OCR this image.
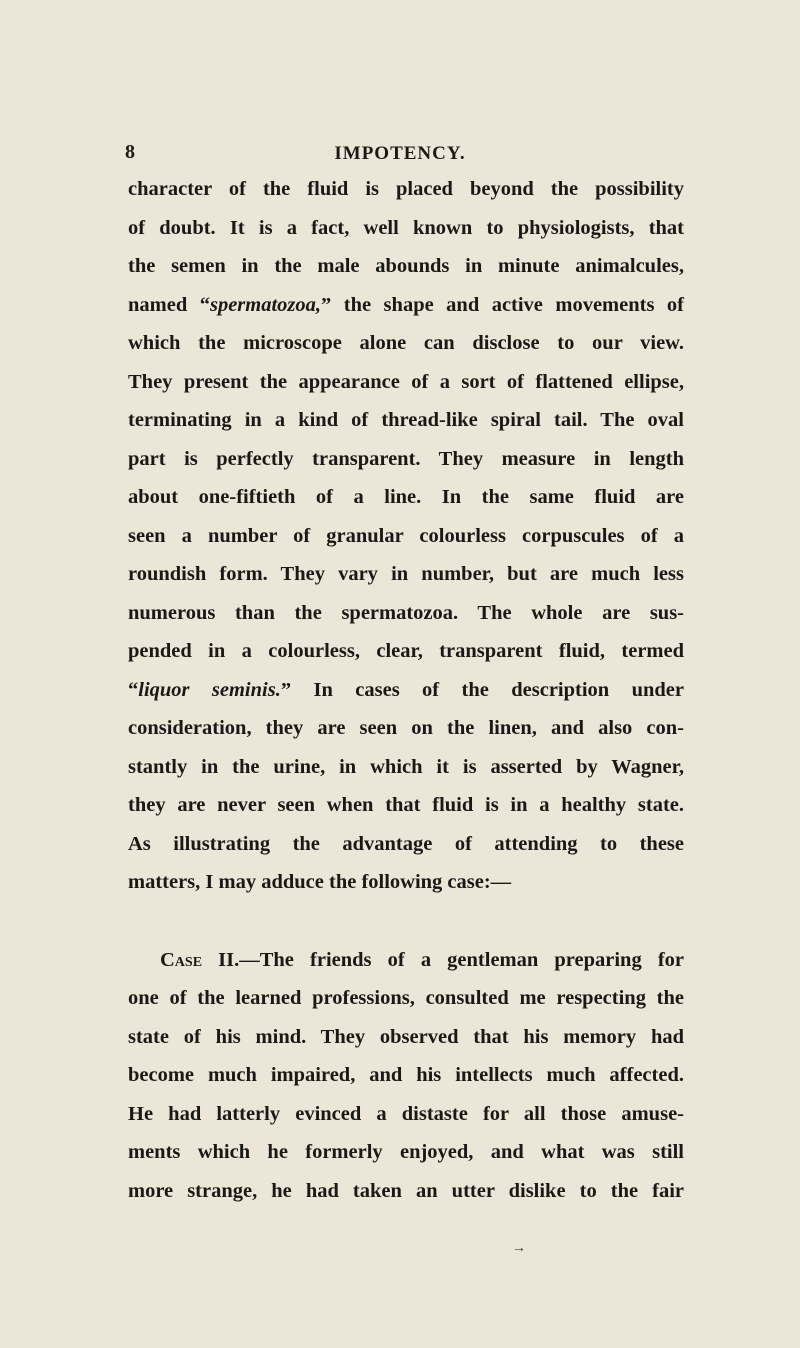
8	IMPOTENCY.
character of the fluid is placed beyond the possibility
of doubt. It is a fact, well known to physiologists, that
the semen in the male abounds in minute animalcules,
named “spermatozoa,” the shape and active movements of
which the microscope alone can disclose to our view.
They present the appearance of a sort of flattened ellipse,
terminating in a kind of thread-like spiral tail. The oval
part is perfectly transparent. They measure in length
about one-fiftieth of a line. In the same fluid are
seen a number of granular colourless corpuscules of a
roundish form. They vary in number, but are much less
numerous than the spermatozoa. The whole are sus-
pended in a colourless, clear, transparent fluid, termed
“liquor seminis.” In cases of the description under
consideration, they are seen on the linen, and also con-
stantly in the urine, in which it is asserted by Wagner,
they are never seen when that fluid is in a healthy state.
As illustrating the advantage of attending to these
matters, I may adduce the following case:—
Case II.—The friends of a gentleman preparing for
one of the learned professions, consulted me respecting the
state of his mind. They observed that his memory had
become much impaired, and his intellects much affected.
He had latterly evinced a distaste for all those amuse-
ments which he formerly enjoyed, and what was still
more strange, he had taken an utter dislike to the fair
→
